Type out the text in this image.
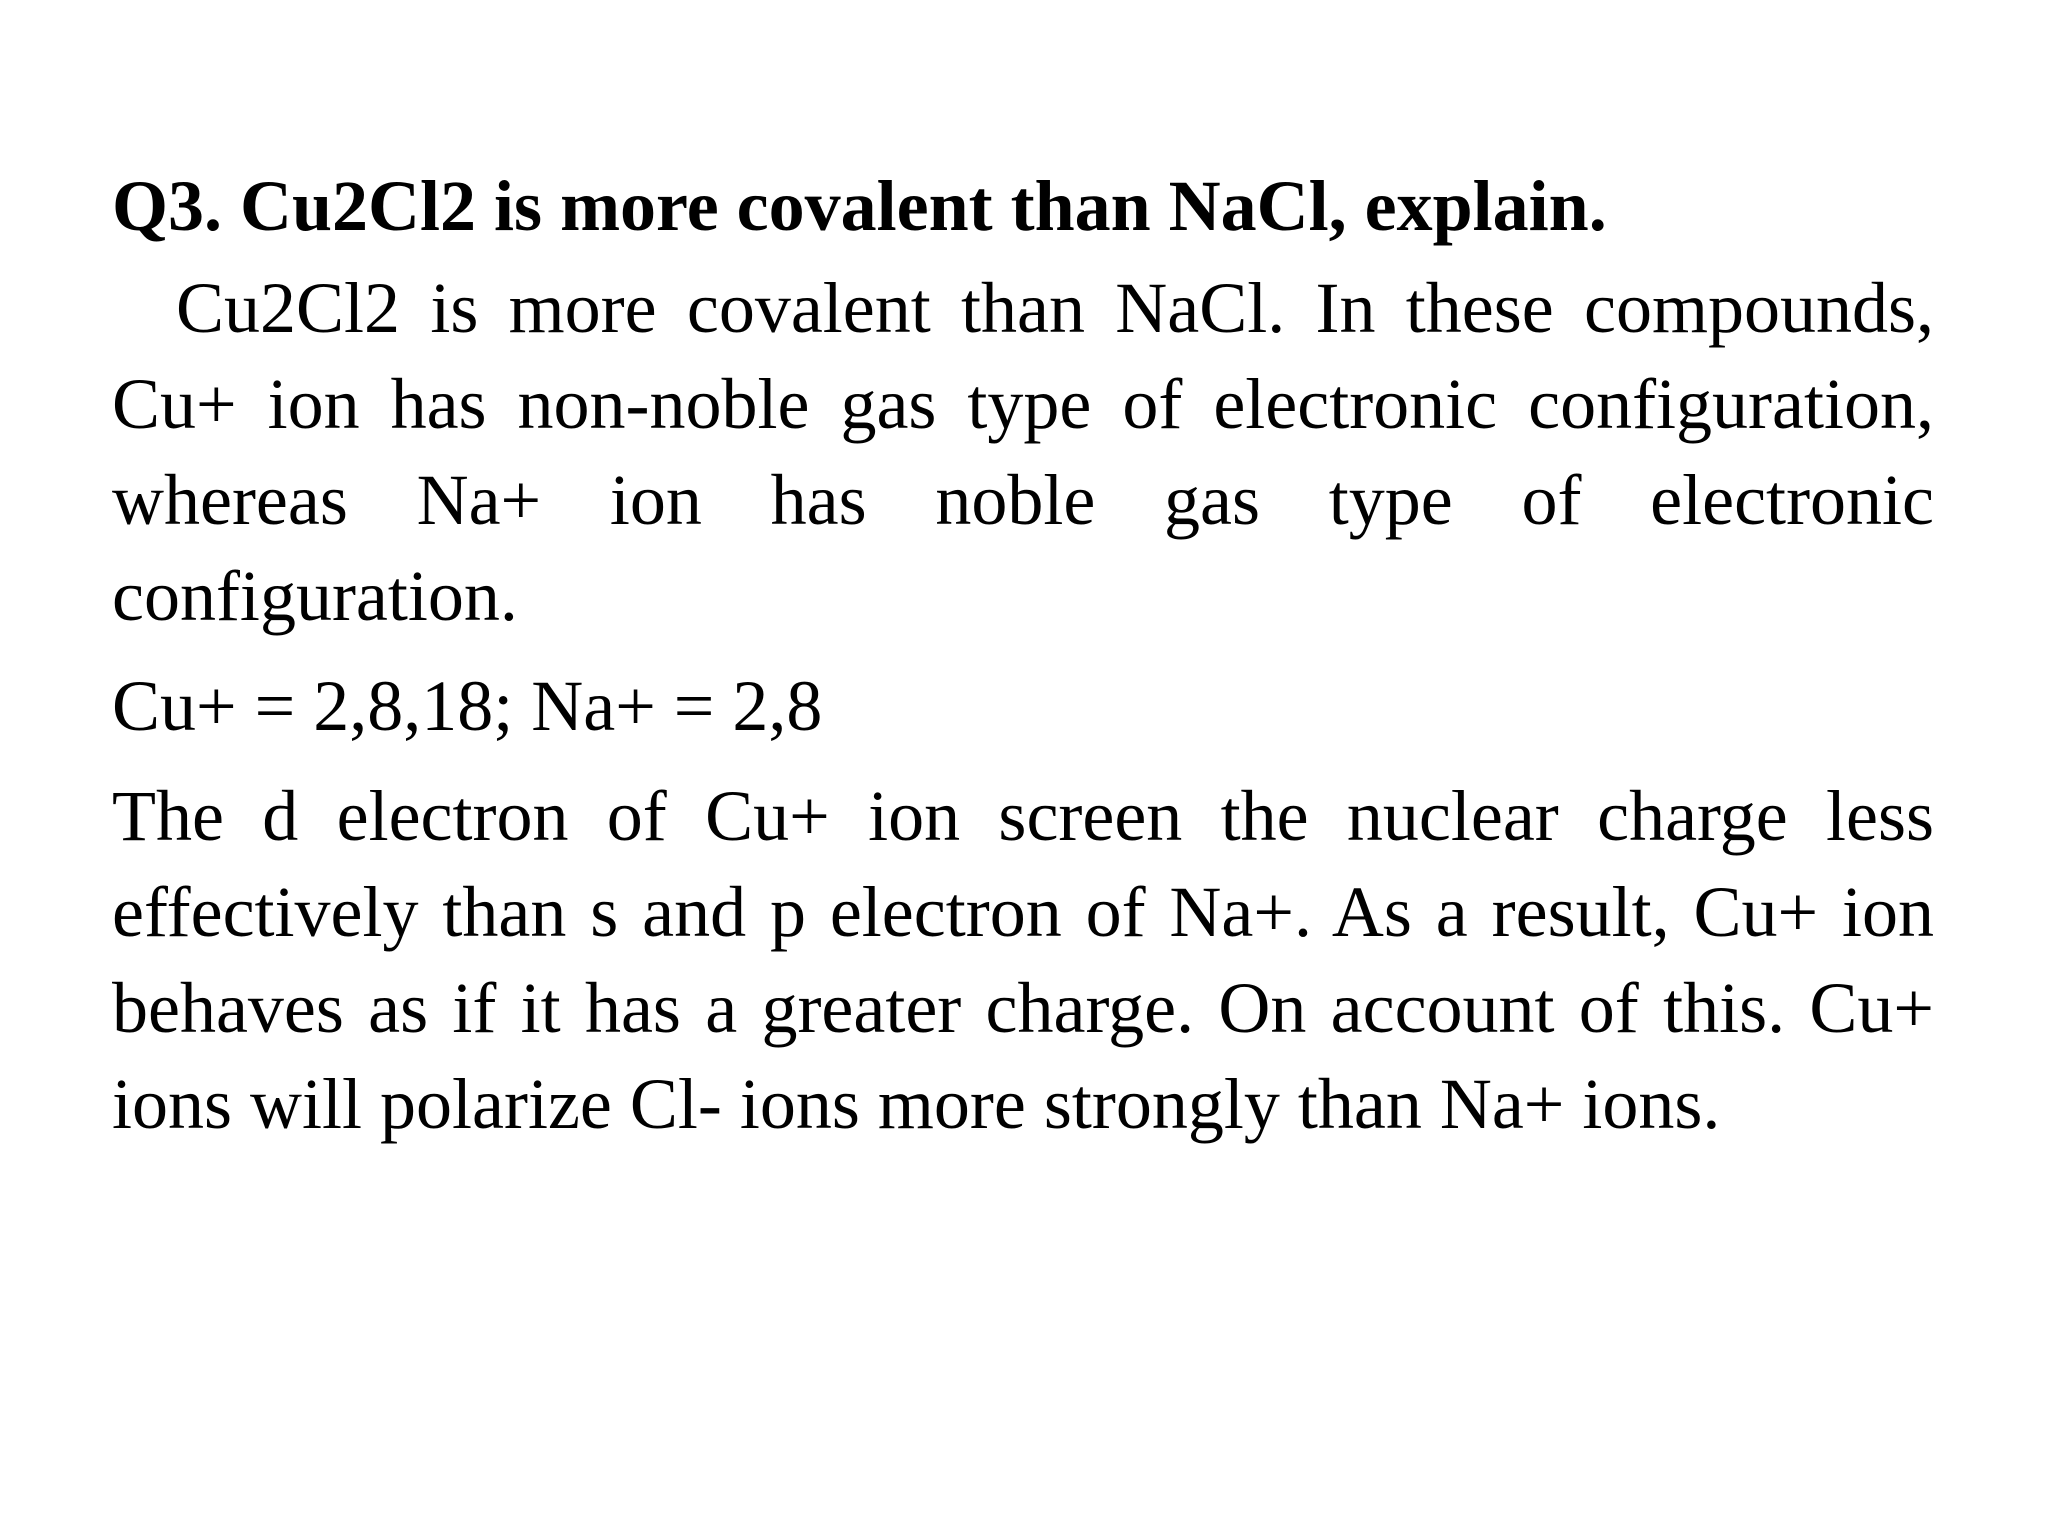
Q3. Cu2Cl2 is more covalent than NaCl, explain.

Cu2Cl2 is more covalent than NaCl. In these compounds, Cu+ ion has non-noble gas type of electronic configuration, whereas Na+ ion has noble gas type of electronic configuration.

Cu+ = 2,8,18; Na+ = 2,8

The d electron of Cu+ ion screen the nuclear charge less effectively than s and p electron of Na+. As a result, Cu+ ion behaves as if it has a greater charge. On account of this. Cu+ ions will polarize Cl- ions more strongly than Na+ ions.
